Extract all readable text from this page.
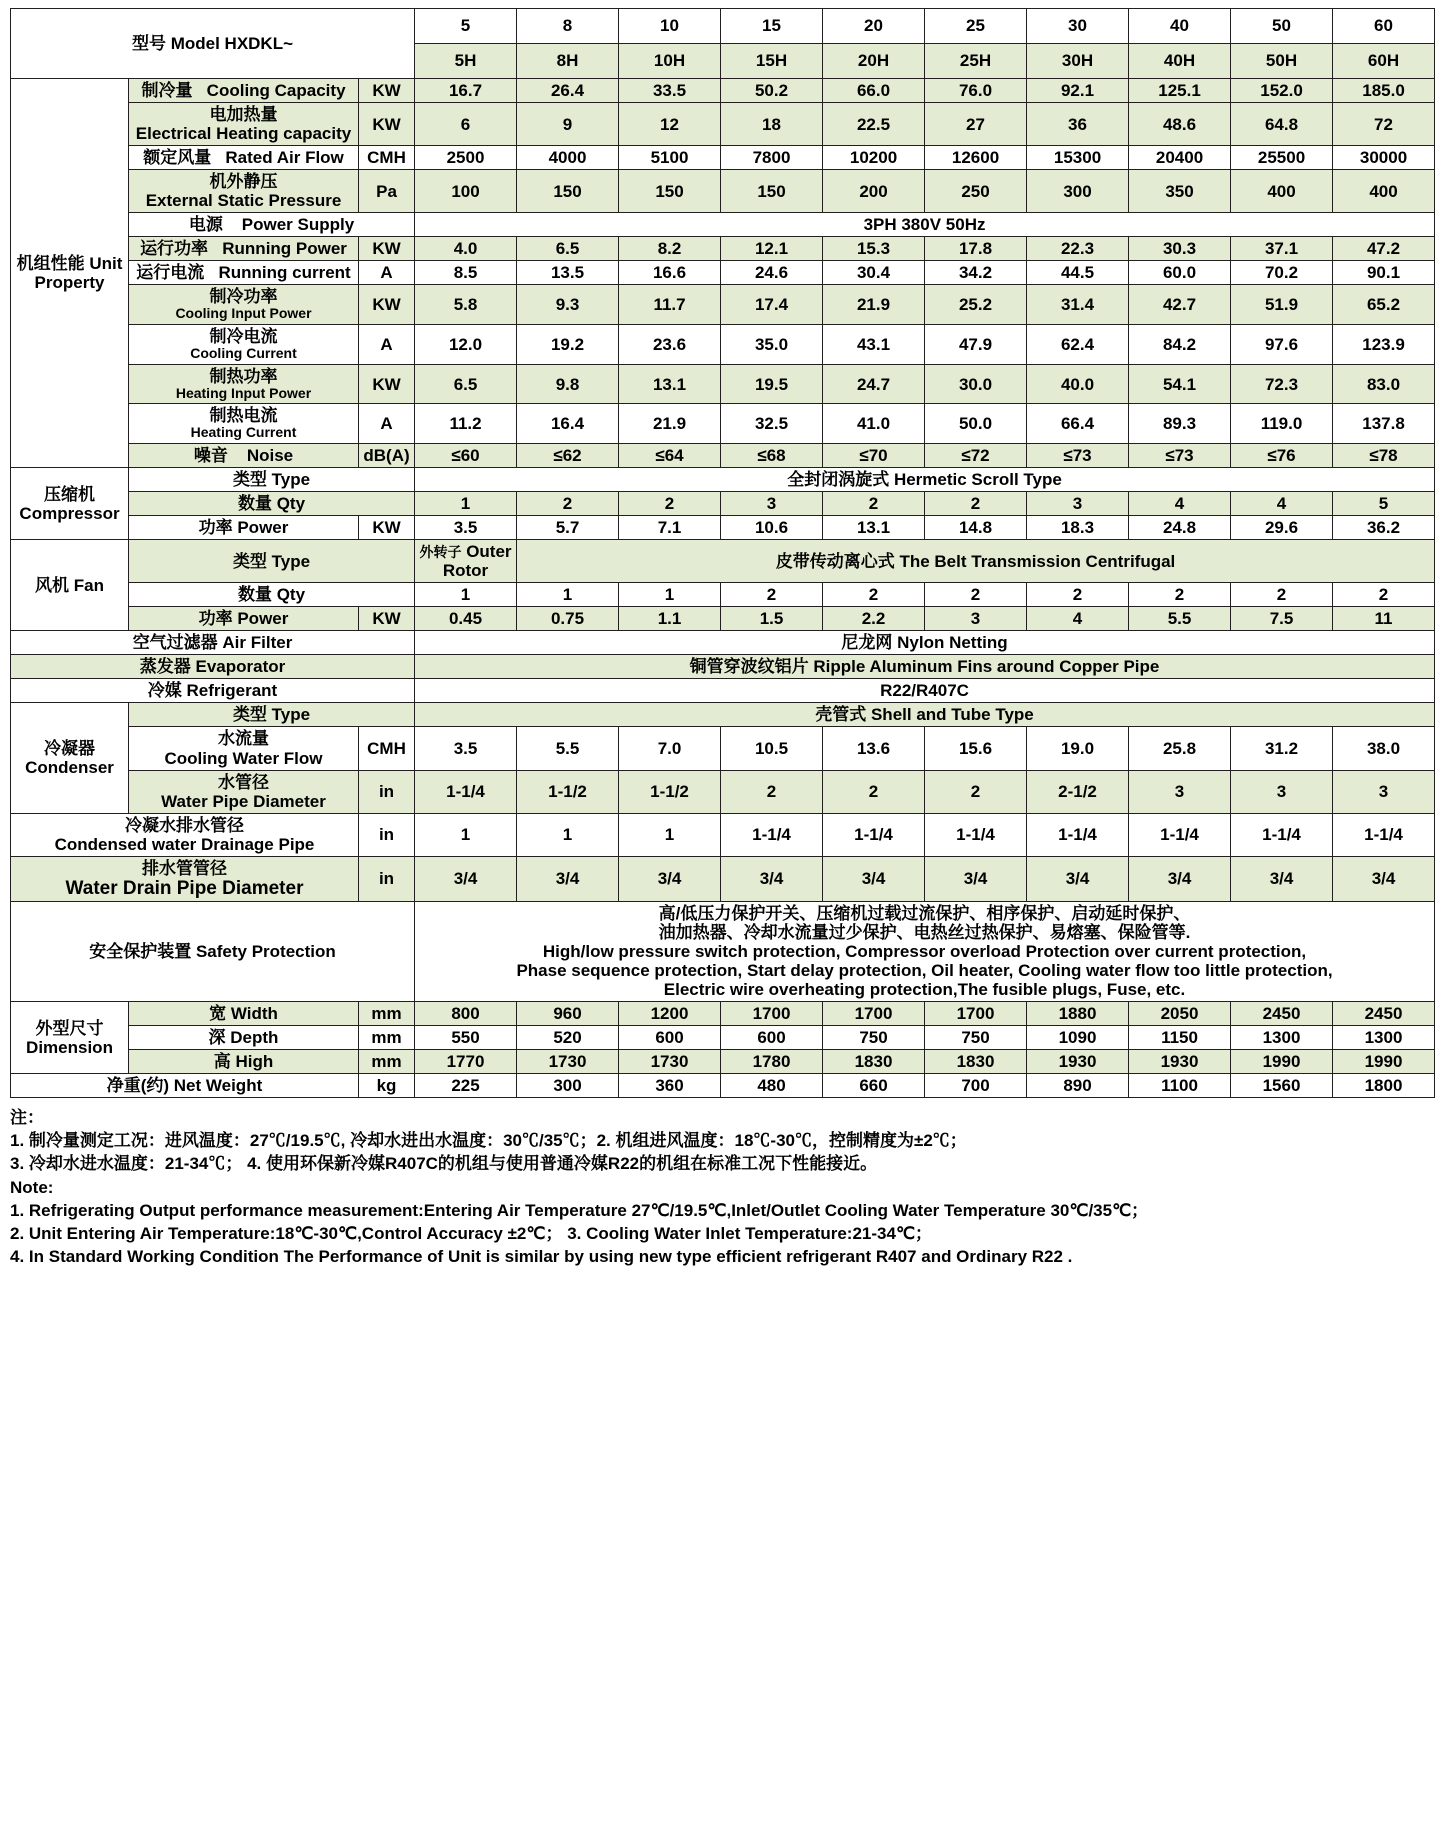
型号 Model HXDKL~			5	8	10	15	20	25	30	40	50	60
			5H	8H	10H	15H	20H	25H	30H	40H	50H	60H
机组性能 Unit Property	制冷量 Cooling Capacity	KW	16.7	26.4	33.5	50.2	66.0	76.0	92.1	125.1	152.0	185.0

	电加热量
Electrical Heating capacity	KW	6	9	12	18	22.5	27	36	48.6	64.8	72
	额定风量 Rated Air Flow	CMH	2500	4000	5100	7800	10200	12600	15300	20400	25500	30000

	机外静压
External Static Pressure	Pa	100	150	150	150	200	250	300	350	400	400
	电源 Power Supply		3PH 380V 50Hz									
	运行功率 Running Power	KW	4.0	6.5	8.2	12.1	15.3	17.8	22.3	30.3	37.1	47.2
	运行电流 Running current	A	8.5	13.5	16.6	24.6	30.4	34.2	44.5	60.0	70.2	90.1

	制冷功率
Cooling Input Power	KW	5.8	9.3	11.7	17.4	21.9	25.2	31.4	42.7	51.9	65.2

	制冷电流
Cooling Current	A	12.0	19.2	23.6	35.0	43.1	47.9	62.4	84.2	97.6	123.9

	制热功率
Heating Input Power	KW	6.5	9.8	13.1	19.5	24.7	30.0	40.0	54.1	72.3	83.0

	制热电流
Heating Current	A	11.2	16.4	21.9	32.5	41.0	50.0	66.4	89.3	119.0	137.8
	噪音 Noise	dB(A)	≤60	≤62	≤64	≤68	≤70	≤72	≤73	≤73	≤76	≤78
压缩机 Compressor	类型 Type		全封闭涡旋式 Hermetic Scroll Type									
	数量 Qty		1	2	2	3	2	2	3	4	4	5
	功率 Power	KW	3.5	5.7	7.1	10.6	13.1	14.8	18.3	24.8	29.6	36.2
风机 Fan	类型 Type		外转子 Outer Rotor	皮带传动离心式 The Belt Transmission Centrifugal								
	数量 Qty		1	1	1	2	2	2	2	2	2	2
	功率 Power	KW	0.45	0.75	1.1	1.5	2.2	3	4	5.5	7.5	11
空气过滤器 Air Filter			尼龙网 Nylon Netting									
蒸发器 Evaporator			铜管穿波纹铝片 Ripple Aluminum Fins around Copper Pipe									
冷媒 Refrigerant			R22/R407C									
冷凝器 Condenser	类型 Type		壳管式 Shell and Tube Type									

	水流量
Cooling Water Flow	CMH	3.5	5.5	7.0	10.5	13.6	15.6	19.0	25.8	31.2	38.0

	水管径
Water Pipe Diameter	in	1-1/4	1-1/2	1-1/2	2	2	2	2-1/2	3	3	3

冷凝水排水管径
Condensed water Drainage Pipe		in	1	1	1	1-1/4	1-1/4	1-1/4	1-1/4	1-1/4	1-1/4	1-1/4

排水管管径
Water Drain Pipe Diameter		in	3/4	3/4	3/4	3/4	3/4	3/4	3/4	3/4	3/4	3/4
安全保护装置 Safety Protection			高/低压力保护开关、压缩机过载过流保护、相序保护、启动延时保护、
油加热器、冷却水流量过少保护、电热丝过热保护、易熔塞、保险管等.
High/low pressure switch protection, Compressor overload Protection over current protection,
Phase sequence protection, Start delay protection, Oil heater, Cooling water flow too little protection,
Electric wire overheating protection,The fusible plugs, Fuse, etc.									

外型尺寸 Dimension	宽 Width	mm	800	960	1200	1700	1700	1700	1880	2050	2450	2450
	深 Depth	mm	550	520	600	600	750	750	1090	1150	1300	1300
	高 High	mm	1770	1730	1730	1780	1830	1830	1930	1930	1990	1990
净重(约) Net Weight		kg	225	300	360	480	660	700	890	1100	1560	1800
注：
1. 制冷量测定工况：进风温度：27℃/19.5℃, 冷却水进出水温度：30℃/35℃；2. 机组进风温度：18℃-30℃，控制精度为±2℃；
3. 冷却水进水温度：21-34℃； 4. 使用环保新冷媒R407C的机组与使用普通冷媒R22的机组在标准工况下性能接近。
Note:
1. Refrigerating Output performance measurement:Entering Air Temperature 27℃/19.5℃,Inlet/Outlet Cooling Water Temperature 30℃/35℃；
2. Unit Entering Air Temperature:18℃-30℃,Control Accuracy ±2℃； 3. Cooling Water Inlet Temperature:21-34℃；
4. In Standard Working Condition The Performance of Unit is similar by using new type efficient refrigerant R407 and Ordinary R22 .
